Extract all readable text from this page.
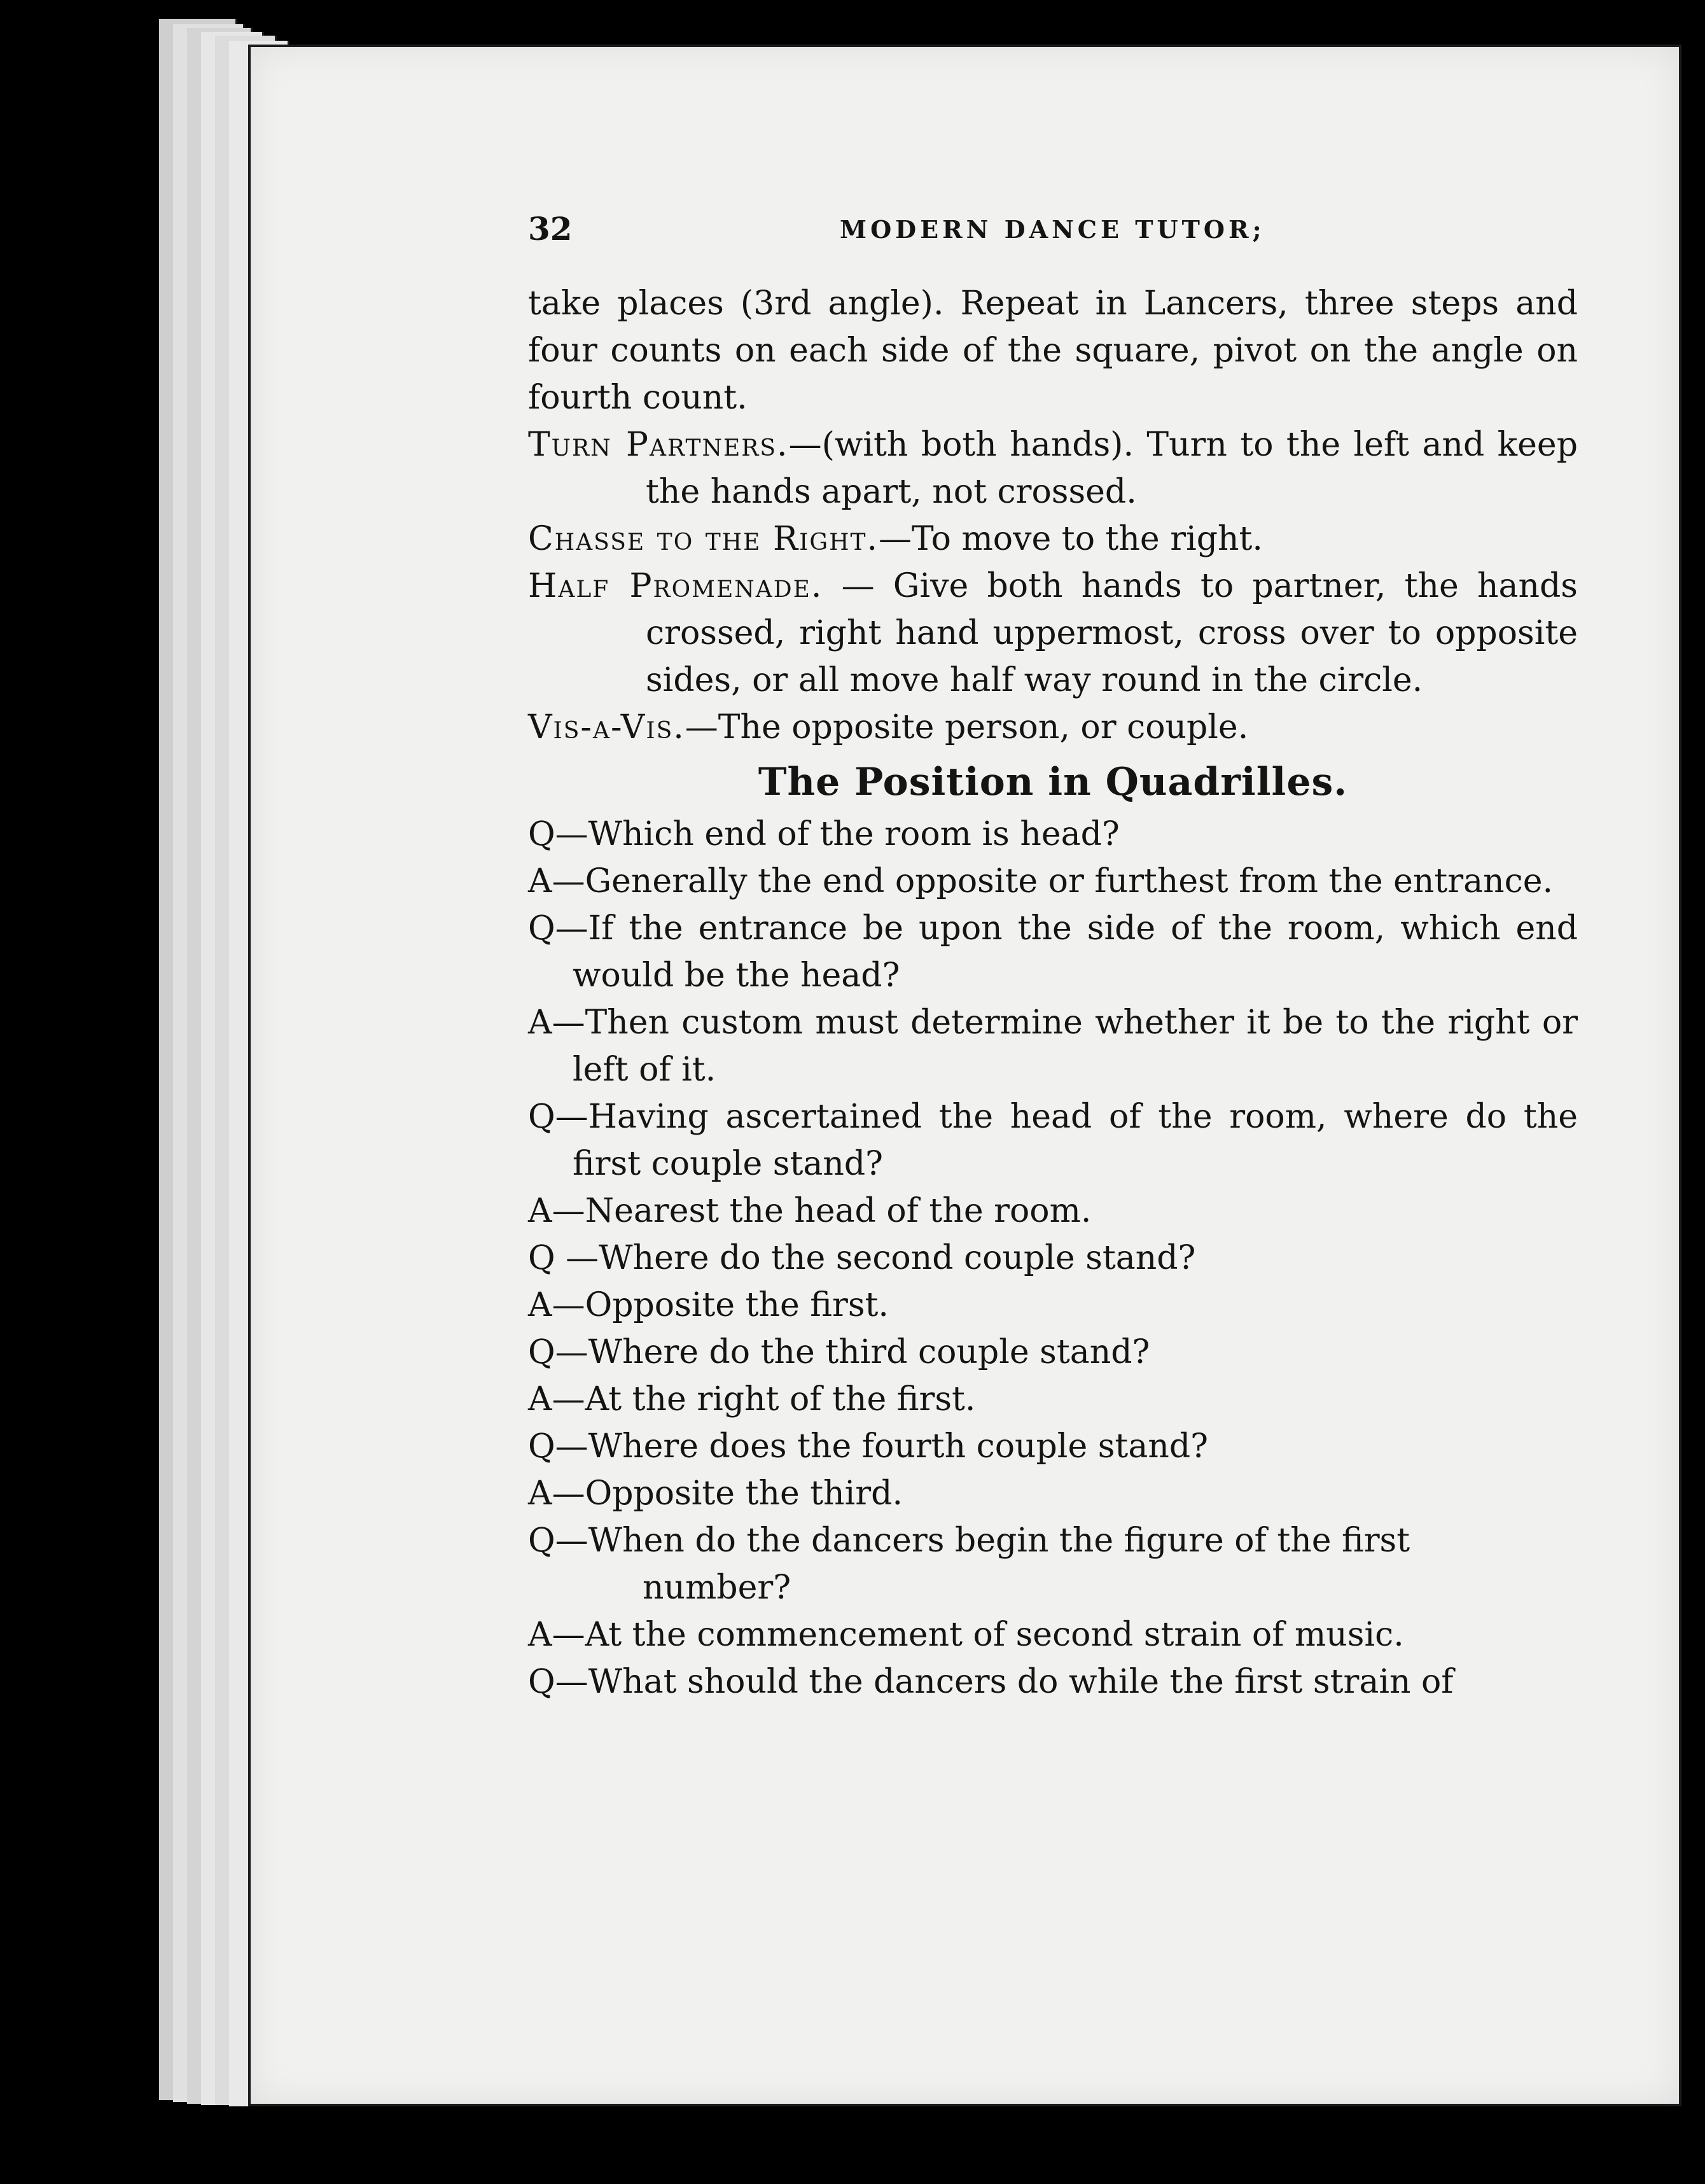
32	MODERN DANCE TUTOR;

take places (3rd angle). Repeat in Lancers, three steps and four counts on each side of the square, pivot on the angle on fourth count.

Turn Partners.—(with both hands). Turn to the left and keep the hands apart, not crossed.

Chasse to the Right.—To move to the right.

Half Promenade. — Give both hands to partner, the hands crossed, right hand uppermost, cross over to opposite sides, or all move half way round in the circle.

Vis-a-Vis.—The opposite person, or couple.

The Position in Quadrilles.

Q—Which end of the room is head?

A—Generally the end opposite or furthest from the entrance.

Q—If the entrance be upon the side of the room, which end would be the head?

A—Then custom must determine whether it be to the right or left of it.

Q—Having ascertained the head of the room, where do the first couple stand?

A—Nearest the head of the room.

Q —Where do the second couple stand?

A—Opposite the first.

Q—Where do the third couple stand?

A—At the right of the first.

Q—Where does the fourth couple stand?

A—Opposite the third.

Q—When do the dancers begin the figure of the first
number?

A—At the commencement of second strain of music.

Q—What should the dancers do while the first strain of
